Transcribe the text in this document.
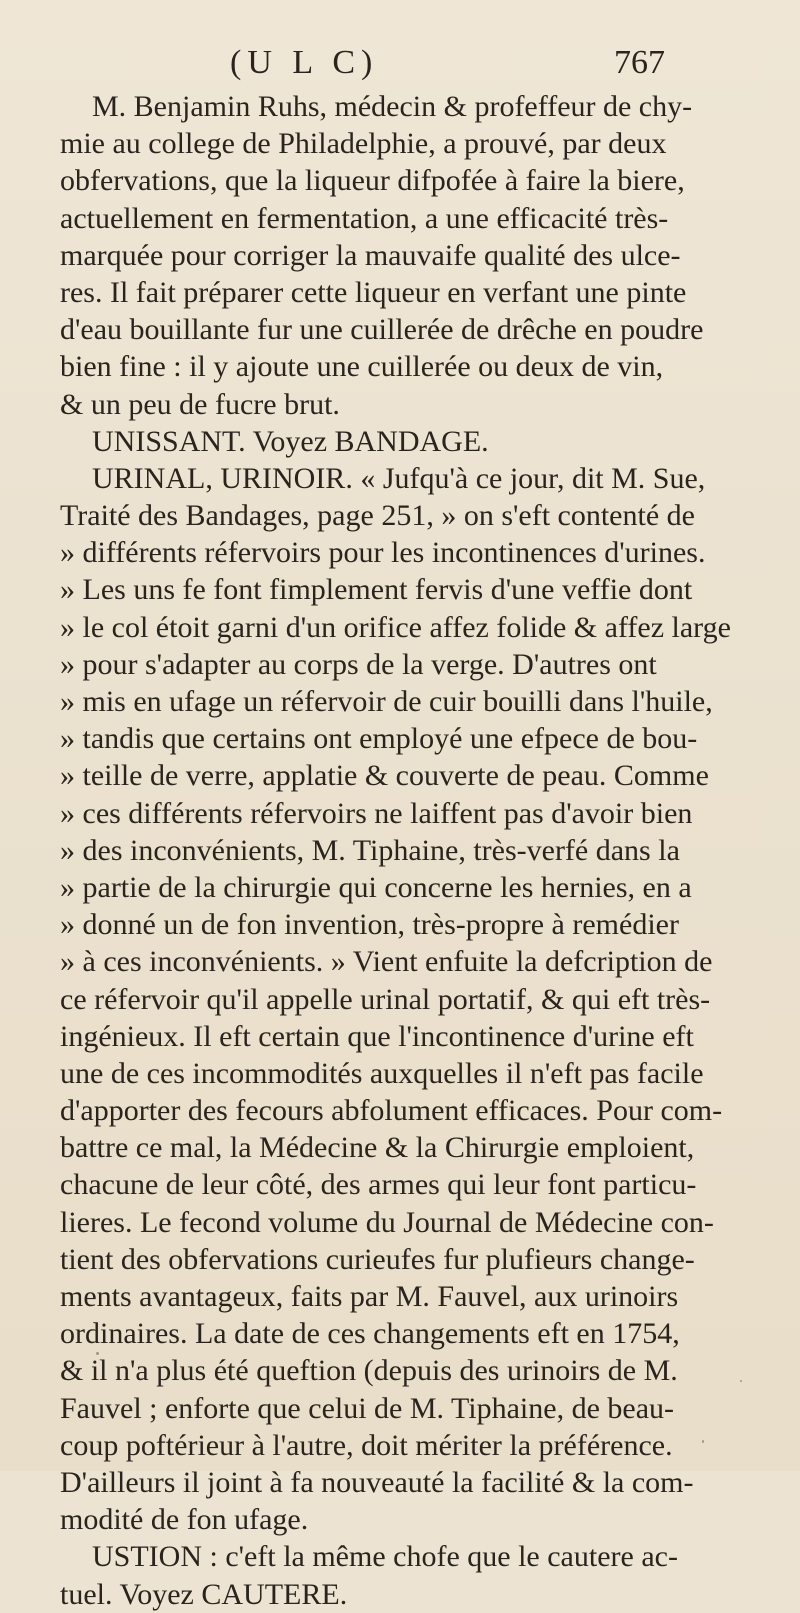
(U L C)	767
M. Benjamin Ruhs, médecin & profeffeur de chy-
mie au college de Philadelphie, a prouvé, par deux
obfervations, que la liqueur difpofée à faire la biere,
actuellement en fermentation, a une efficacité très-
marquée pour corriger la mauvaife qualité des ulce-
res. Il fait préparer cette liqueur en verfant une pinte
d'eau bouillante fur une cuillerée de drêche en poudre
bien fine : il y ajoute une cuillerée ou deux de vin,
& un peu de fucre brut.
UNISSANT. Voyez BANDAGE.
URINAL, URINOIR. « Jufqu'à ce jour, dit M. Sue,
Traité des Bandages, page 251, » on s'eft contenté de
» différents réfervoirs pour les incontinences d'urines.
» Les uns fe font fimplement fervis d'une veffie dont
» le col étoit garni d'un orifice affez folide & affez large
» pour s'adapter au corps de la verge. D'autres ont
» mis en ufage un réfervoir de cuir bouilli dans l'huile,
» tandis que certains ont employé une efpece de bou-
» teille de verre, applatie & couverte de peau. Comme
» ces différents réfervoirs ne laiffent pas d'avoir bien
» des inconvénients, M. Tiphaine, très-verfé dans la
» partie de la chirurgie qui concerne les hernies, en a
» donné un de fon invention, très-propre à remédier
» à ces inconvénients. » Vient enfuite la defcription de
ce réfervoir qu'il appelle urinal portatif, & qui eft très-
ingénieux. Il eft certain que l'incontinence d'urine eft
une de ces incommodités auxquelles il n'eft pas facile
d'apporter des fecours abfolument efficaces. Pour com-
battre ce mal, la Médecine & la Chirurgie emploient,
chacune de leur côté, des armes qui leur font particu-
lieres. Le fecond volume du Journal de Médecine con-
tient des obfervations curieufes fur plufieurs change-
ments avantageux, faits par M. Fauvel, aux urinoirs
ordinaires. La date de ces changements eft en 1754,
& il n'a plus été queftion (depuis des urinoirs de M.
Fauvel ; enforte que celui de M. Tiphaine, de beau-
coup poftérieur à l'autre, doit mériter la préférence.
D'ailleurs il joint à fa nouveauté la facilité & la com-
modité de fon ufage.
USTION : c'eft la même chofe que le cautere ac-
tuel. Voyez CAUTERE.
